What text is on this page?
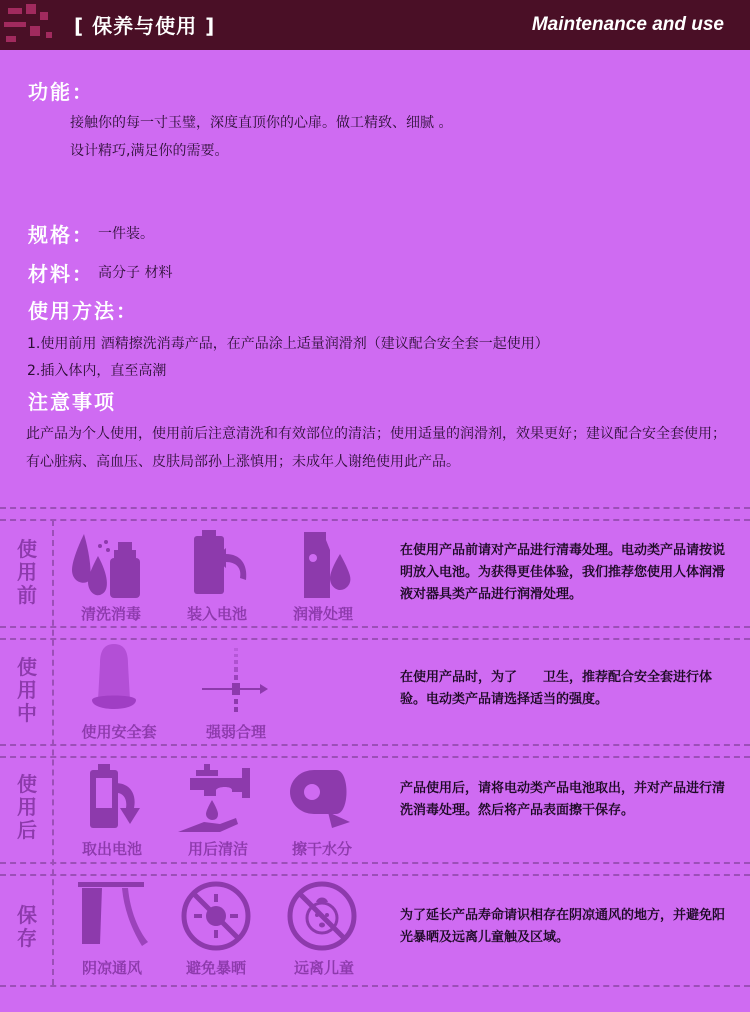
[ 保养与使用 ]	Maintenance and use
功能：
接触你的每一寸玉璧，深度直顶你的心扉。做工精致、细腻 。
设计精巧,满足你的需要。
规格： 一件装。
材料： 高分子 材料
使用方法：
1.使用前用 酒精擦洗消毒产品，在产品涂上适量润滑剂（建议配合安全套一起使用）
2.插入体内，直至高潮
注意事项
此产品为个人使用，使用前后注意清洗和有效部位的清洁；使用适量的润滑剂，效果更好；建议配合安全套使用；有心脏病、高血压、皮肤局部孙上涨慎用；未成年人谢绝使用此产品。
使
用
前
清洗消毒	装入电池	润滑处理
在使用产品前请对产品进行清毒处理。电动类产品请按说明放入电池。为获得更佳体验，我们推荐您使用人体润滑液对器具类产品进行润滑处理。
使
用
中
使用安全套	强弱合理
在使用产品时，为了　　卫生，推荐配合安全套进行体验。电动类产品请选择适当的强度。
使
用
后
取出电池	用后清洁	擦干水分
产品使用后，请将电动类产品电池取出，并对产品进行清洗消毒处理。然后将产品表面擦干保存。
保
存
阴凉通风	避免暴晒	远离儿童
为了延长产品寿命请识相存在阴凉通风的地方，并避免阳光暴晒及远离儿童触及区域。
